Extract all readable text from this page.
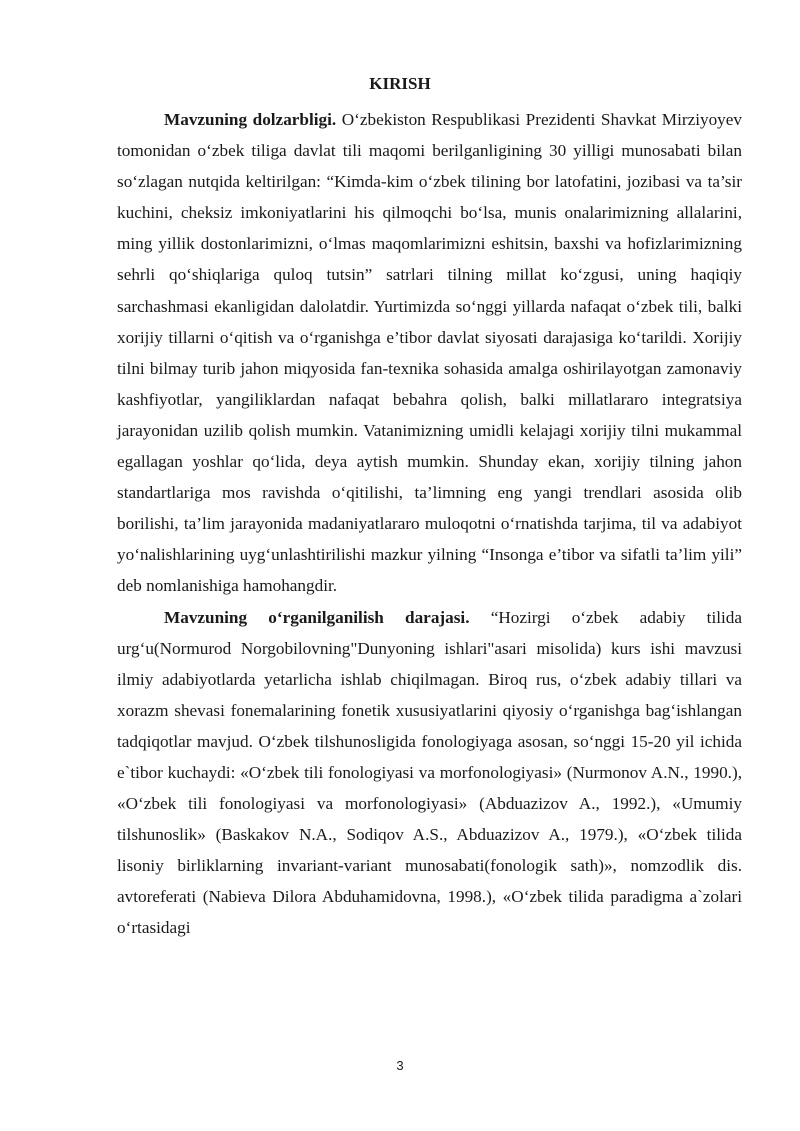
KIRISH

Mavzuning dolzarbligi. O‘zbekiston Respublikasi Prezidenti Shavkat Mirziyoyev tomonidan o‘zbek tiliga davlat tili maqomi berilganligining 30 yilligi munosabati bilan so‘zlagan nutqida keltirilgan: “Kimda-kim o‘zbek tilining bor latofatini, jozibasi va ta’sir kuchini, cheksiz imkoniyatlarini his qilmoqchi bo‘lsa, munis onalarimizning allalarini, ming yillik dostonlarimizni, o‘lmas maqomlarimizni eshitsin, baxshi va hofizlarimizning sehrli qo‘shiqlariga quloq tutsin” satrlari tilning millat ko‘zgusi, uning haqiqiy sarchashmasi ekanligidan dalolatdir. Yurtimizda so‘nggi yillarda nafaqat o‘zbek tili, balki xorijiy tillarni o‘qitish va o‘rganishga e’tibor davlat siyosati darajasiga ko‘tarildi. Xorijiy tilni bilmay turib jahon miqyosida fan-texnika sohasida amalga oshirilayotgan zamonaviy kashfiyotlar, yangiliklardan nafaqat bebahra qolish, balki millatlararo integratsiya jarayonidan uzilib qolish mumkin. Vatanimizning umidli kelajagi xorijiy tilni mukammal egallagan yoshlar qo‘lida, deya aytish mumkin. Shunday ekan, xorijiy tilning jahon standartlariga mos ravishda o‘qitilishi, ta’limning eng yangi trendlari asosida olib borilishi, ta’lim jarayonida madaniyatlararo muloqotni o‘rnatishda tarjima, til va adabiyot yo‘nalishlarining uyg‘unlashtirilishi mazkur yilning “Insonga e’tibor va sifatli ta’lim yili” deb nomlanishiga hamohangdir.

Mavzuning o‘rganilganilish darajasi. “Hozirgi o‘zbek adabiy tilida urg‘u(Normurod Norgobilovning"Dunyoning ishlari"asari misolida) kurs ishi mavzusi ilmiy adabiyotlarda yetarlicha ishlab chiqilmagan. Biroq rus, o‘zbek adabiy tillari va xorazm shevasi fonemalarining fonetik xususiyatlarini qiyosiy o‘rganishga bag‘ishlangan tadqiqotlar mavjud. O‘zbek tilshunosligida fonologiyaga asosan, so‘nggi 15-20 yil ichida e`tibor kuchaydi: «O‘zbek tili fonologiyasi va morfonologiyasi» (Nurmonov A.N., 1990.), «O‘zbek tili fonologiyasi va morfonologiyasi» (Abduazizov A., 1992.), «Umumiy tilshunoslik» (Baskakov N.A., Sodiqov A.S., Abduazizov A., 1979.), «O‘zbek tilida lisoniy birliklarning invariant-variant munosabati(fonologik sath)», nomzodlik dis. avtoreferati (Nabieva Dilora Abduhamidovna, 1998.), «O‘zbek tilida paradigma a`zolari o‘rtasidagi

3
